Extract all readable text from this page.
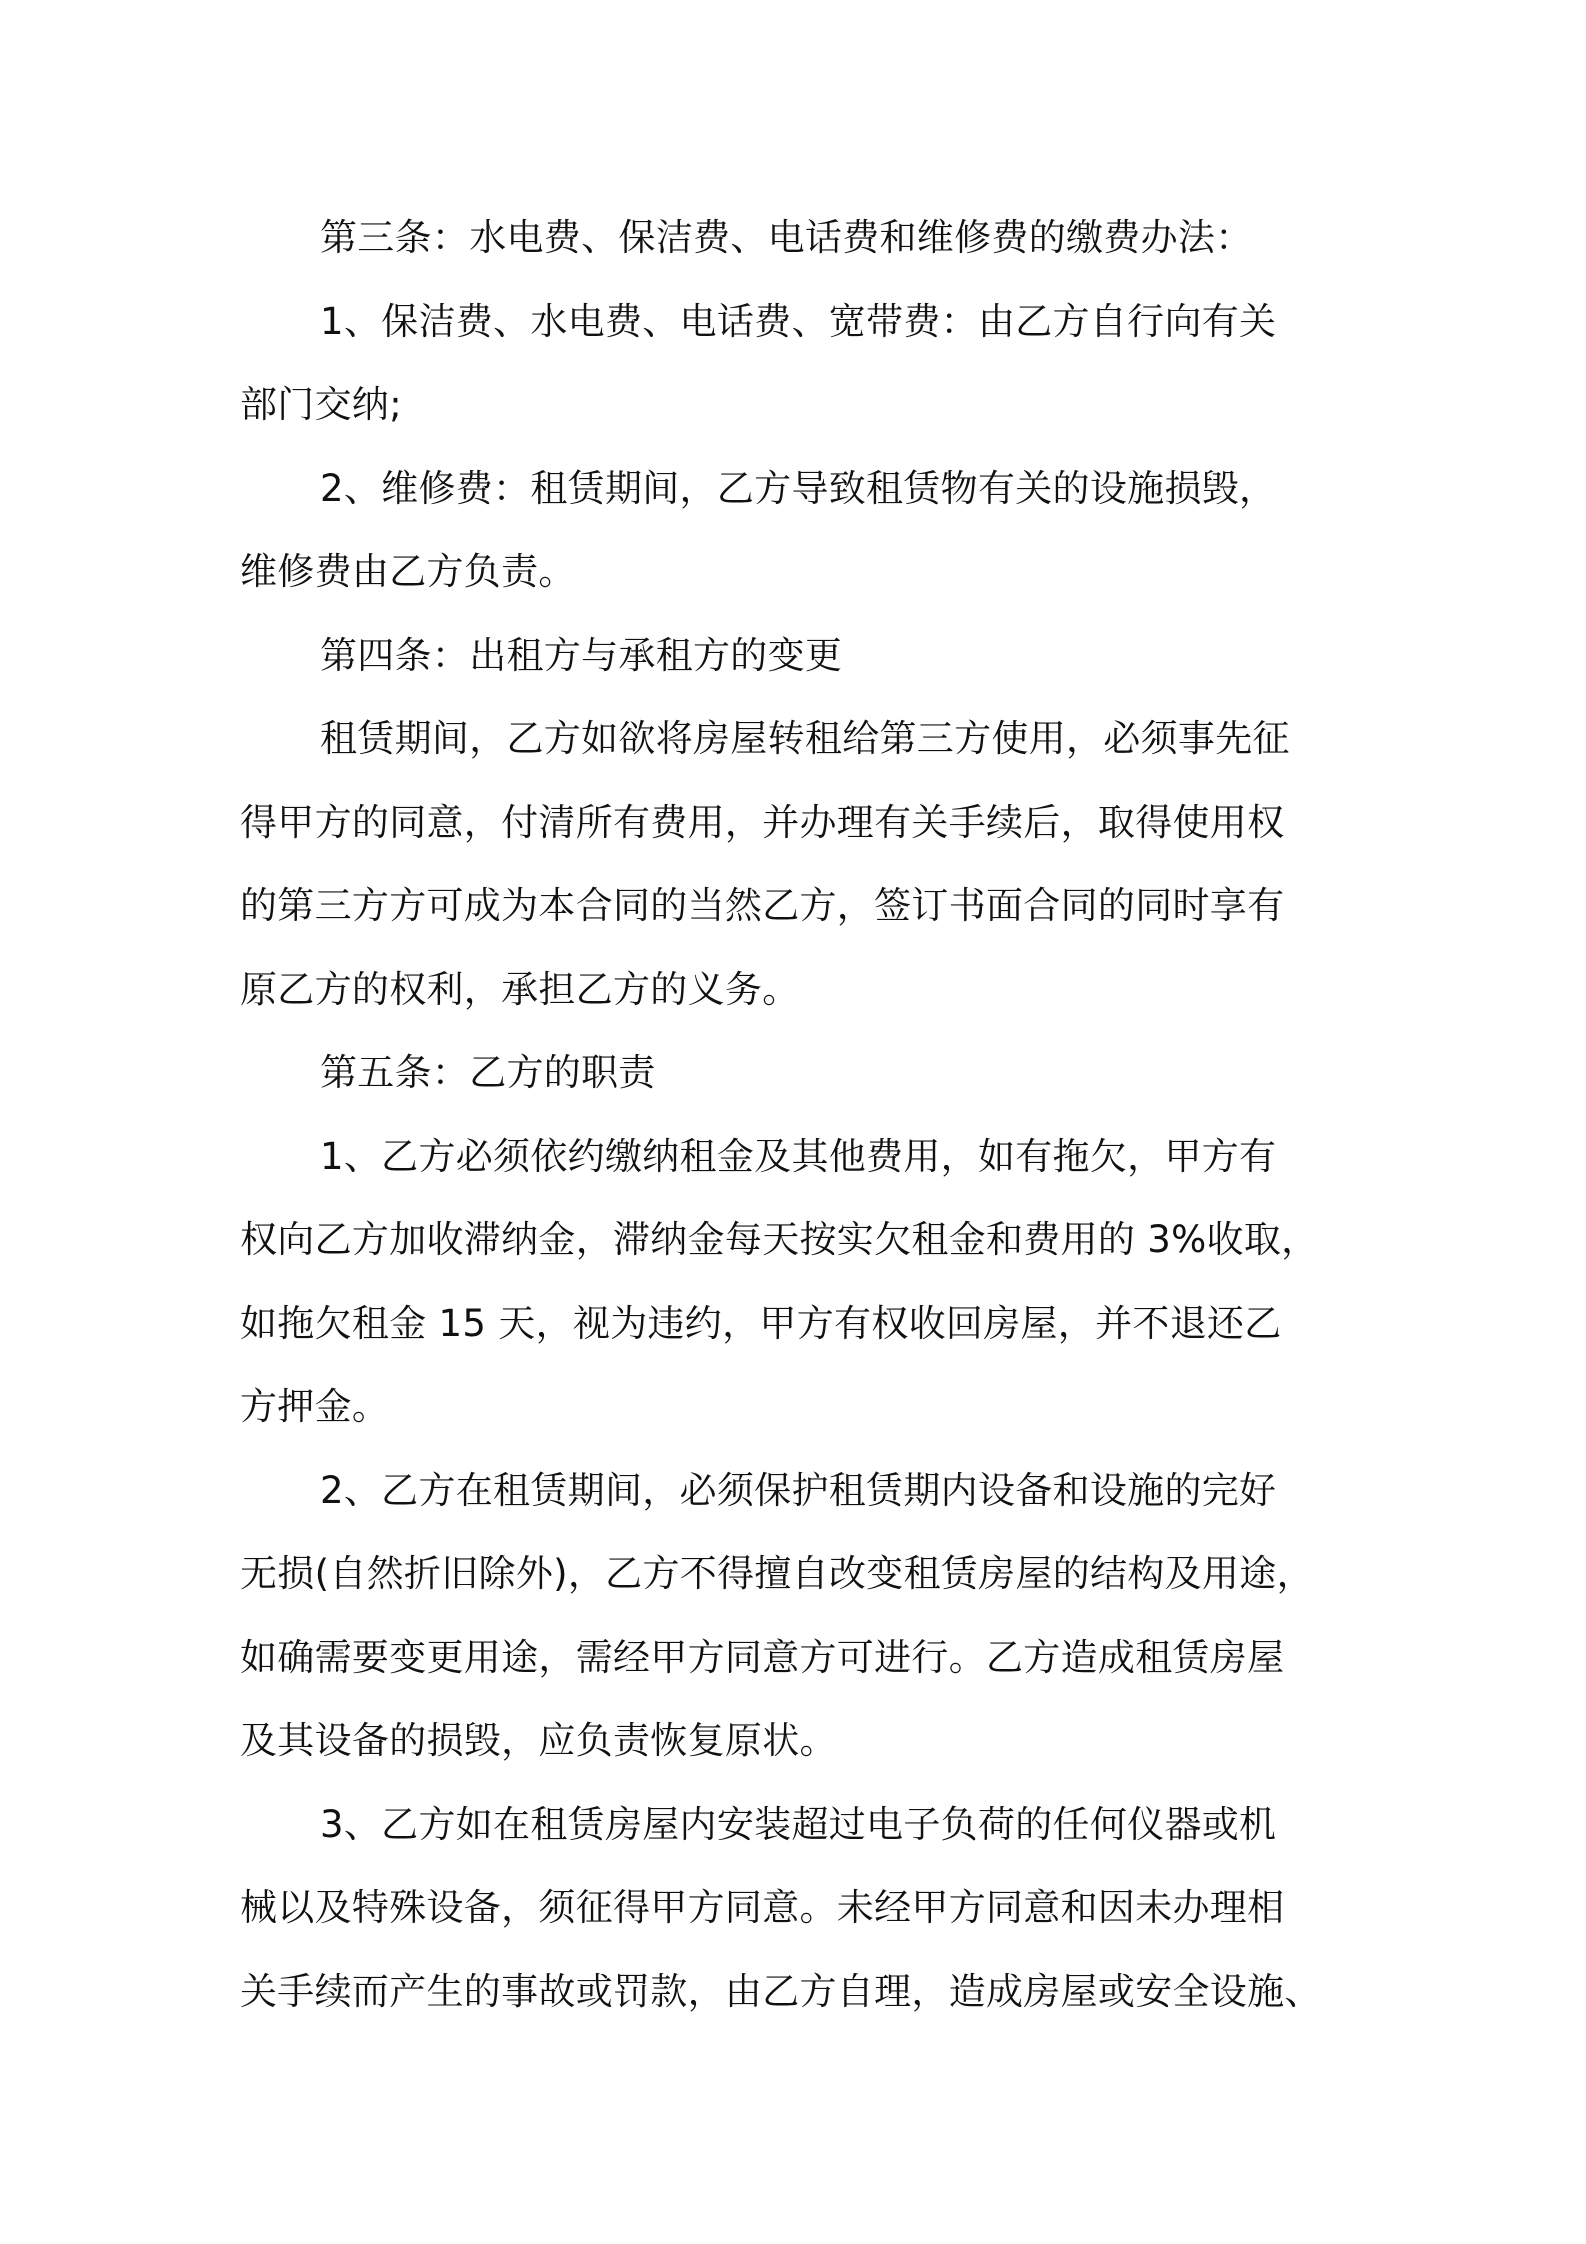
第三条：水电费、保洁费、电话费和维修费的缴费办法：
1、保洁费、水电费、电话费、宽带费：由乙方自行向有关
部门交纳;
2、维修费：租赁期间，乙方导致租赁物有关的设施损毁，
维修费由乙方负责。
第四条：出租方与承租方的变更
租赁期间，乙方如欲将房屋转租给第三方使用，必须事先征
得甲方的同意，付清所有费用，并办理有关手续后，取得使用权
的第三方方可成为本合同的当然乙方，签订书面合同的同时享有
原乙方的权利，承担乙方的义务。
第五条：乙方的职责
1、乙方必须依约缴纳租金及其他费用，如有拖欠，甲方有
权向乙方加收滞纳金，滞纳金每天按实欠租金和费用的 3%收取，
如拖欠租金 15 天，视为违约，甲方有权收回房屋，并不退还乙
方押金。
2、乙方在租赁期间，必须保护租赁期内设备和设施的完好
无损(自然折旧除外)，乙方不得擅自改变租赁房屋的结构及用途，
如确需要变更用途，需经甲方同意方可进行。乙方造成租赁房屋
及其设备的损毁，应负责恢复原状。
3、乙方如在租赁房屋内安装超过电子负荷的任何仪器或机
械以及特殊设备，须征得甲方同意。未经甲方同意和因未办理相
关手续而产生的事故或罚款，由乙方自理，造成房屋或安全设施、
